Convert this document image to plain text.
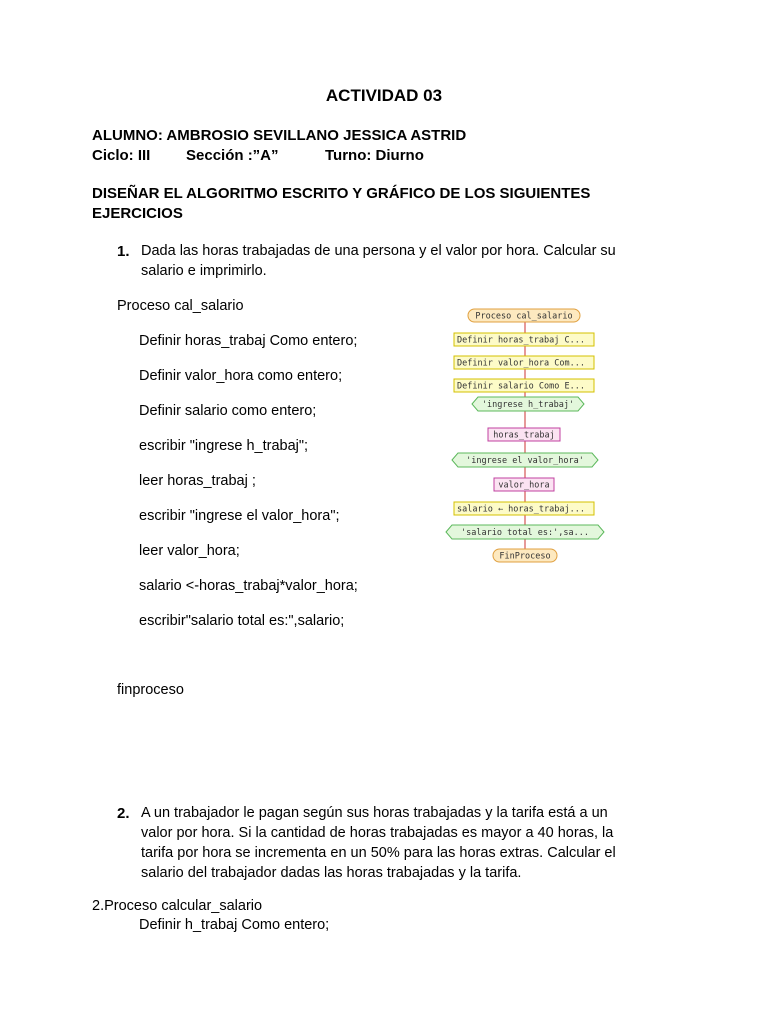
ACTIVIDAD 03
ALUMNO: AMBROSIO SEVILLANO JESSICA ASTRID
Ciclo: III Sección :”A”	Turno: Diurno
DISEÑAR EL ALGORITMO ESCRITO Y GRÁFICO DE LOS SIGUIENTES
EJERCICIOS
1. Dada las horas trabajadas de una persona y el valor por hora. Calcular su
salario e imprimirlo.
Proceso cal_salario
Definir horas_trabaj Como entero;
Definir valor_hora como entero;
Definir salario como entero;
escribir "ingrese h_trabaj";
leer horas_trabaj ;
escribir "ingrese el valor_hora";
leer valor_hora;
salario <-horas_trabaj*valor_hora;
escribir"salario total es:",salario;
finproceso
Proceso cal_salario
Definir horas_trabaj C...
Definir valor_hora Com...
Definir salario Como E...
'ingrese h_trabaj'
horas_trabaj
'ingrese el valor_hora'
valor_hora
salario ← horas_trabaj...
'salario total es:',sa...
FinProceso
2. A un trabajador le pagan según sus horas trabajadas y la tarifa está a un
valor por hora. Si la cantidad de horas trabajadas es mayor a 40 horas, la
tarifa por hora se incrementa en un 50% para las horas extras. Calcular el
salario del trabajador dadas las horas trabajadas y la tarifa.
2.Proceso calcular_salario
Definir h_trabaj Como entero;
